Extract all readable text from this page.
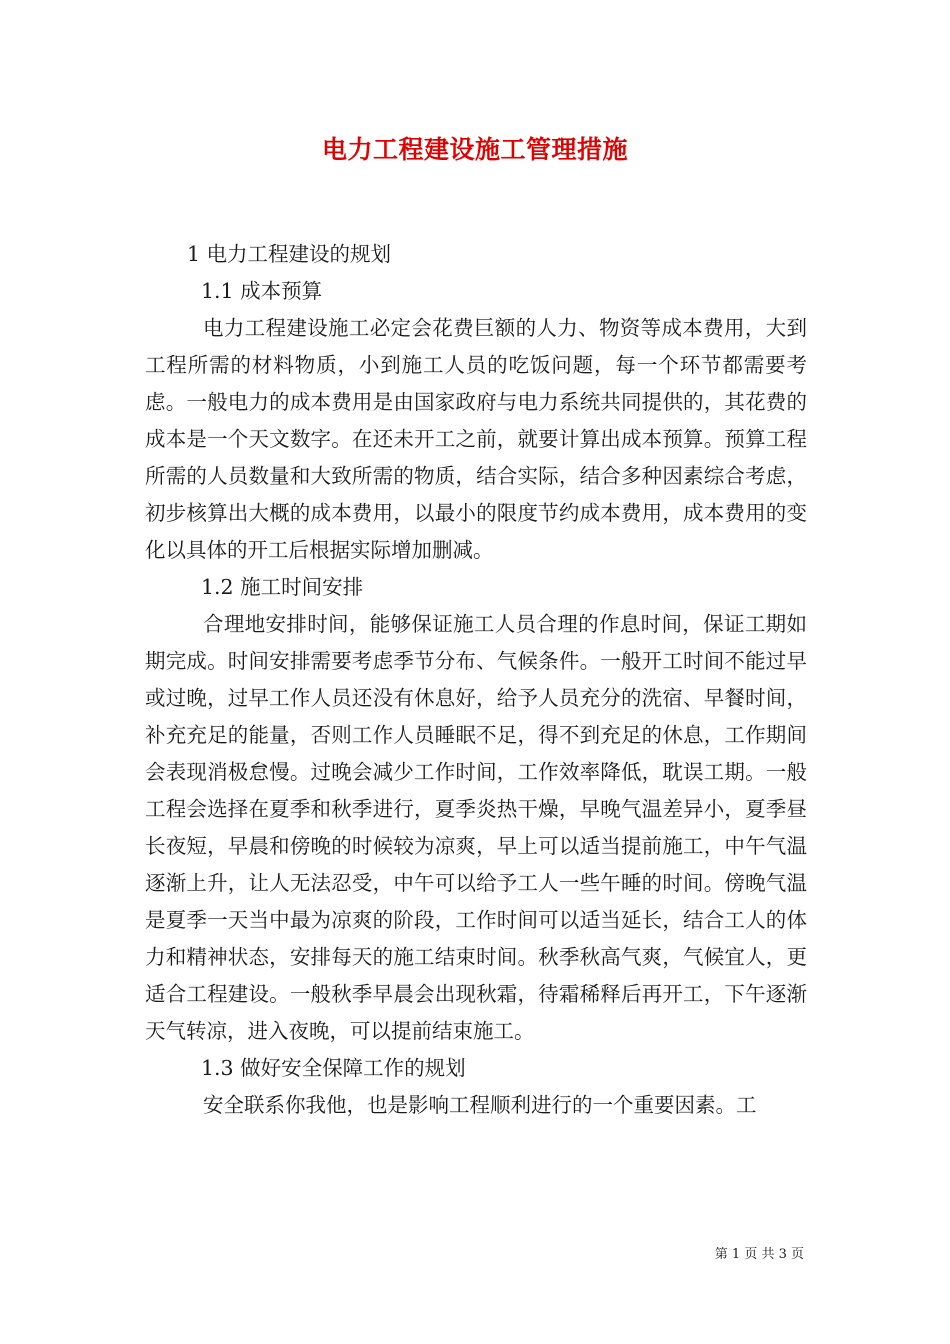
电力工程建设施工管理措施

1 电力工程建设的规划

1.1 成本预算

电力工程建设施工必定会花费巨额的人力、物资等成本费用，大到工程所需的材料物质，小到施工人员的吃饭问题，每一个环节都需要考虑。一般电力的成本费用是由国家政府与电力系统共同提供的，其花费的成本是一个天文数字。在还未开工之前，就要计算出成本预算。预算工程所需的人员数量和大致所需的物质，结合实际，结合多种因素综合考虑，初步核算出大概的成本费用，以最小的限度节约成本费用，成本费用的变化以具体的开工后根据实际增加删减。

1.2 施工时间安排

合理地安排时间，能够保证施工人员合理的作息时间，保证工期如期完成。时间安排需要考虑季节分布、气候条件。一般开工时间不能过早或过晚，过早工作人员还没有休息好，给予人员充分的洗宿、早餐时间，补充充足的能量，否则工作人员睡眠不足，得不到充足的休息，工作期间会表现消极怠慢。过晚会减少工作时间，工作效率降低，耽误工期。一般工程会选择在夏季和秋季进行，夏季炎热干燥，早晚气温差异小，夏季昼长夜短，早晨和傍晚的时候较为凉爽，早上可以适当提前施工，中午气温逐渐上升，让人无法忍受，中午可以给予工人一些午睡的时间。傍晚气温是夏季一天当中最为凉爽的阶段，工作时间可以适当延长，结合工人的体力和精神状态，安排每天的施工结束时间。秋季秋高气爽，气候宜人，更适合工程建设。一般秋季早晨会出现秋霜，待霜稀释后再开工，下午逐渐天气转凉，进入夜晚，可以提前结束施工。

1.3 做好安全保障工作的规划

安全联系你我他，也是影响工程顺利进行的一个重要因素。工

第 1 页 共 3 页
